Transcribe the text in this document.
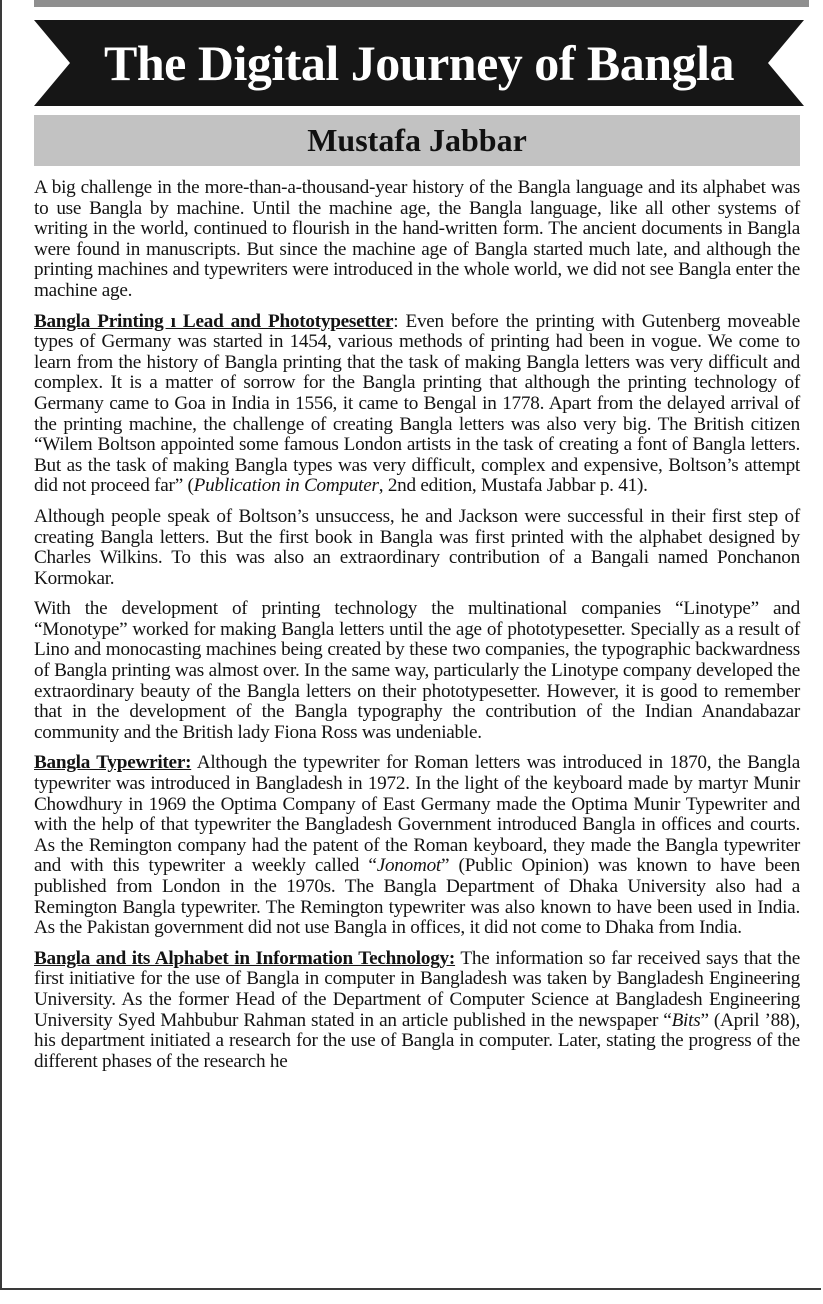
The Digital Journey of Bangla
Mustafa Jabbar

A big challenge in the more-than-a-thousand-year history of the Bangla language and its alphabet was to use Bangla by machine. Until the machine age, the Bangla language, like all other systems of writing in the world, continued to flourish in the hand-written form. The ancient documents in Bangla were found in manuscripts. But since the machine age of Bangla started much late, and although the printing machines and typewriters were introduced in the whole world, we did not see Bangla enter the machine age.

Bangla Printing ı Lead and Phototypesetter: Even before the printing with Gutenberg moveable types of Germany was started in 1454, various methods of printing had been in vogue. We come to learn from the history of Bangla printing that the task of making Bangla letters was very difficult and complex. It is a matter of sorrow for the Bangla printing that although the printing technology of Germany came to Goa in India in 1556, it came to Bengal in 1778. Apart from the delayed arrival of the printing machine, the challenge of creating Bangla letters was also very big. The British citizen “Wilem Boltson appointed some famous London artists in the task of creating a font of Bangla letters. But as the task of making Bangla types was very difficult, complex and expensive, Boltson’s attempt did not proceed far” (Publication in Computer, 2nd edition, Mustafa Jabbar p. 41).

Although people speak of Boltson’s unsuccess, he and Jackson were successful in their first step of creating Bangla letters. But the first book in Bangla was first printed with the alphabet designed by Charles Wilkins. To this was also an extraordinary contribution of a Bangali named Ponchanon Kormokar.

With the development of printing technology the multinational companies “Linotype” and “Monotype” worked for making Bangla letters until the age of phototypesetter. Specially as a result of Lino and monocasting machines being created by these two companies, the typographic backwardness of Bangla printing was almost over. In the same way, particularly the Linotype company developed the extraordinary beauty of the Bangla letters on their phototypesetter. However, it is good to remember that in the development of the Bangla typography the contribution of the Indian Anandabazar community and the British lady Fiona Ross was undeniable.

Bangla Typewriter: Although the typewriter for Roman letters was introduced in 1870, the Bangla typewriter was introduced in Bangladesh in 1972. In the light of the keyboard made by martyr Munir Chowdhury in 1969 the Optima Company of East Germany made the Optima Munir Typewriter and with the help of that typewriter the Bangladesh Government introduced Bangla in offices and courts. As the Remington company had the patent of the Roman keyboard, they made the Bangla typewriter and with this typewriter a weekly called “Jonomot” (Public Opinion) was known to have been published from London in the 1970s. The Bangla Department of Dhaka University also had a Remington Bangla typewriter. The Remington typewriter was also known to have been used in India. As the Pakistan government did not use Bangla in offices, it did not come to Dhaka from India.

Bangla and its Alphabet in Information Technology: The information so far received says that the first initiative for the use of Bangla in computer in Bangladesh was taken by Bangladesh Engineering University. As the former Head of the Department of Computer Science at Bangladesh Engineering University Syed Mahbubur Rahman stated in an article published in the newspaper “Bits” (April ’88), his department initiated a research for the use of Bangla in computer. Later, stating the progress of the different phases of the research he
